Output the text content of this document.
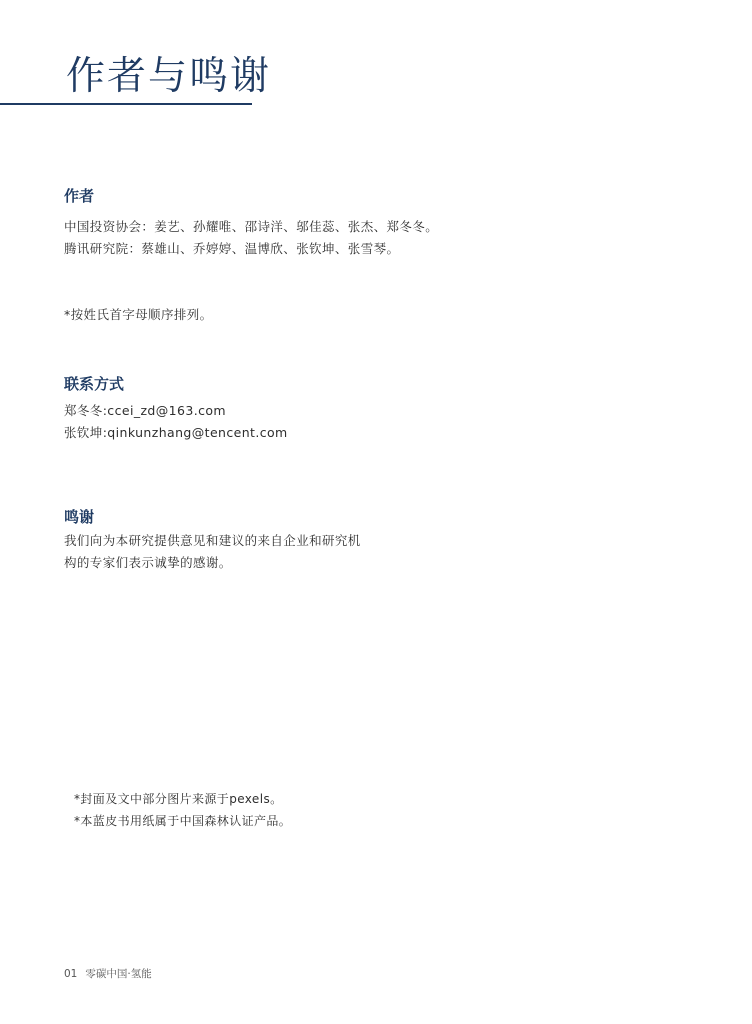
作者与鸣谢
作者
中国投资协会：姜艺、孙耀唯、邵诗洋、邬佳蕊、张杰、郑冬冬。
腾讯研究院：蔡雄山、乔婷婷、温博欣、张钦坤、张雪琴。
*按姓氏首字母顺序排列。
联系方式
郑冬冬:ccei_zd@163.com
张钦坤:qinkunzhang@tencent.com
鸣谢
我们向为本研究提供意见和建议的来自企业和研究机
构的专家们表示诚挚的感谢。
*封面及文中部分图片来源于pexels。
*本蓝皮书用纸属于中国森林认证产品。
01 零碳中国·氢能
